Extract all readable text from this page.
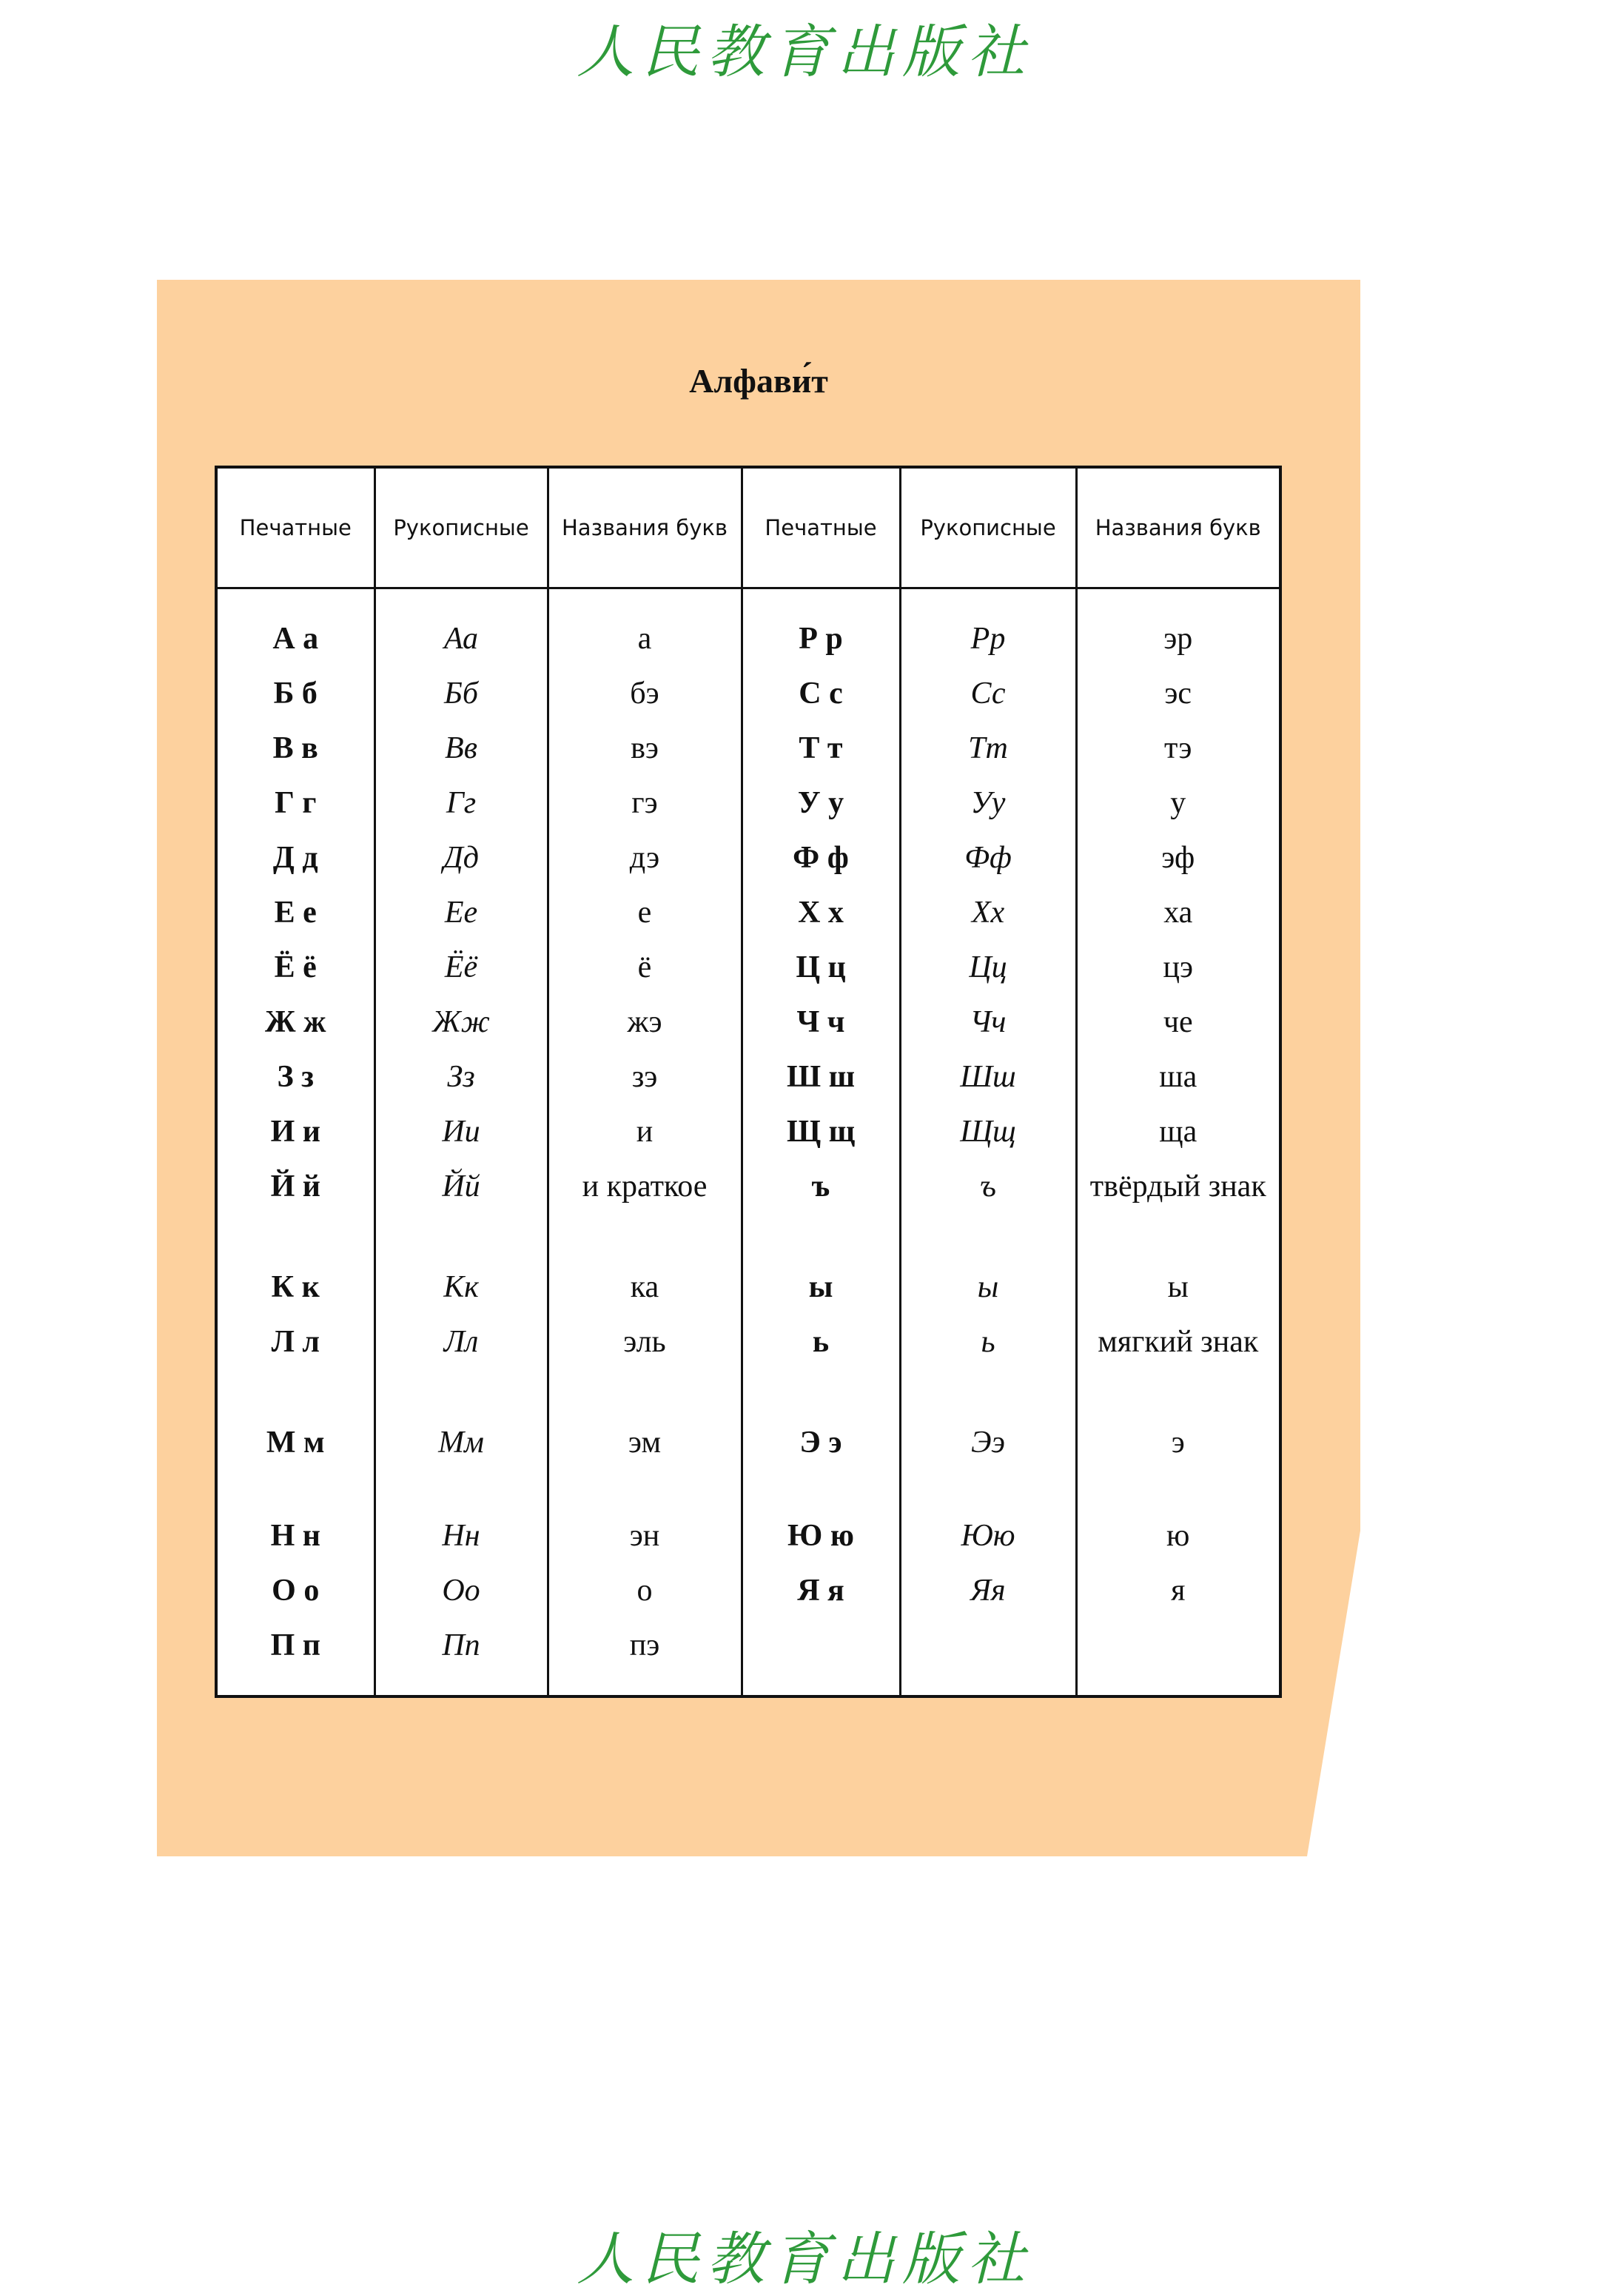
人民教育出版社
Алфави́т
Печатные	Рукописные	Названия букв	Печатные	Рукописные	Названия букв
А а	Аа	а	Р р	Рр	эр
Б б	Бб	бэ	С с	Сс	эс
В в	Вв	вэ	Т т	Тт	тэ
Г г	Гг	гэ	У у	Уу	у
Д д	Дд	дэ	Ф ф	Фф	эф
Е е	Ее	е	Х х	Хх	ха
Ё ё	Ёё	ё	Ц ц	Цц	цэ
Ж ж	Жж	жэ	Ч ч	Чч	че
З з	Зз	зэ	Ш ш	Шш	ша
И и	Ии	и	Щ щ	Щщ	ща
Й й	Йй	и краткое	ъ	ъ	твёрдый знак
К к	Кк	ка	ы	ы	ы
Л л	Лл	эль	ь	ь	мягкий знак
М м	Мм	эм	Э э	Ээ	э
Н н	Нн	эн	Ю ю	Юю	ю
О о	Оо	о	Я я	Яя	я
П п	Пп	пэ			
人民教育出版社
